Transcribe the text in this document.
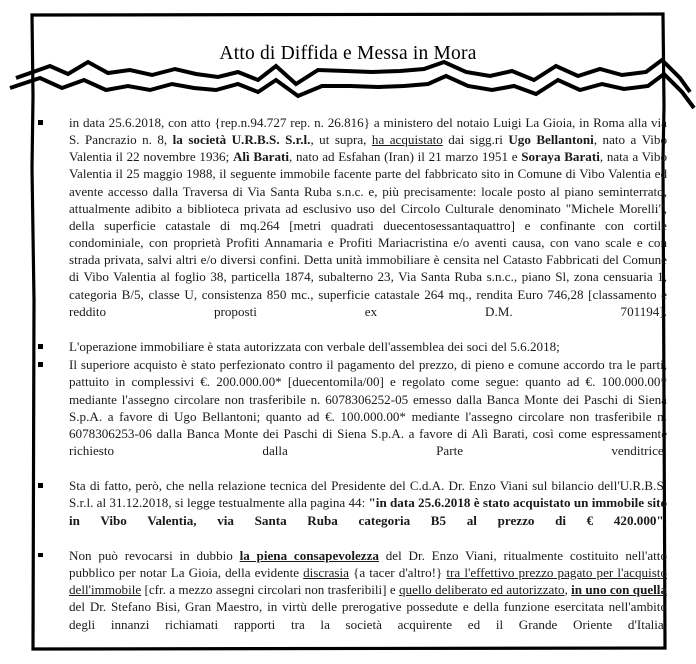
Atto di Diffida e Messa in Mora
in data 25.6.2018, con atto {rep.n.94.727 rep. n. 26.816} a ministero del notaio Luigi La Gioia, in Roma alla via S. Pancrazio n. 8, la società U.R.B.S. S.r.l., ut supra, ha acquistato dai sigg.ri Ugo Bellantoni, nato a Vibo Valentia il 22 novembre 1936; Alì Barati, nato ad Esfahan (Iran) il 21 marzo 1951 e Soraya Barati, nata a Vibo Valentia il 25 maggio 1988, il seguente immobile facente parte del fabbricato sito in Comune di Vibo Valentia ed avente accesso dalla Traversa di Via Santa Ruba s.n.c. e, più precisamente: locale posto al piano seminterrato, attualmente adibito a biblioteca privata ad esclusivo uso del Circolo Culturale denominato "Michele Morelli", della superficie catastale di mq.264 [metri quadrati duecentosessantaquattro] e confinante con cortile condominiale, con proprietà Profiti Annamaria e Profiti Mariacristina e/o aventi causa, con vano scale e con strada privata, salvi altri e/o diversi confini. Detta unità immobiliare è censita nel Catasto Fabbricati del Comune di Vibo Valentia al foglio 38, particella 1874, subalterno 23, Via Santa Ruba s.n.c., piano Sl, zona censuaria 1, categoria B/5, classe U, consistenza 850 mc., superficie catastale 264 mq., rendita Euro 746,28 [classamento e reddito proposti ex D.M. 701194].
L'operazione immobiliare è stata autorizzata con verbale dell'assemblea dei soci del 5.6.2018;
Il superiore acquisto è stato perfezionato contro il pagamento del prezzo, di pieno e comune accordo tra le parti, pattuito in complessivi €. 200.000.00* [duecentomila/00] e regolato come segue: quanto ad €. 100.000.00* mediante l'assegno circolare non trasferibile n. 6078306252-05 emesso dalla Banca Monte dei Paschi di Siena S.p.A. a favore di Ugo Bellantoni; quanto ad €. 100.000.00* mediante l'assegno circolare non trasferibile n. 6078306253-06 dalla Banca Monte dei Paschi di Siena S.p.A. a favore di Alì Barati, così come espressamente richiesto dalla Parte venditrice.
Sta di fatto, però, che nella relazione tecnica del Presidente del C.d.A. Dr. Enzo Viani sul bilancio dell'U.R.B.S. S.r.l. al 31.12.2018, si legge testualmente alla pagina 44: "in data 25.6.2018 è stato acquistato un immobile sito in Vibo Valentia, via Santa Ruba categoria B5 al prezzo di € 420.000".
Non può revocarsi in dubbio la piena consapevolezza del Dr. Enzo Viani, ritualmente costituito nell'atto pubblico per notar La Gioia, della evidente discrasia {a tacer d'altro!} tra l'effettivo prezzo pagato per l'acquisto dell'immobile [cfr. a mezzo assegni circolari non trasferibili] e quello deliberato ed autorizzato, in uno con quella del Dr. Stefano Bisi, Gran Maestro, in virtù delle prerogative possedute e della funzione esercitata nell'ambito degli innanzi richiamati rapporti tra la società acquirente ed il Grande Oriente d'Italia.
